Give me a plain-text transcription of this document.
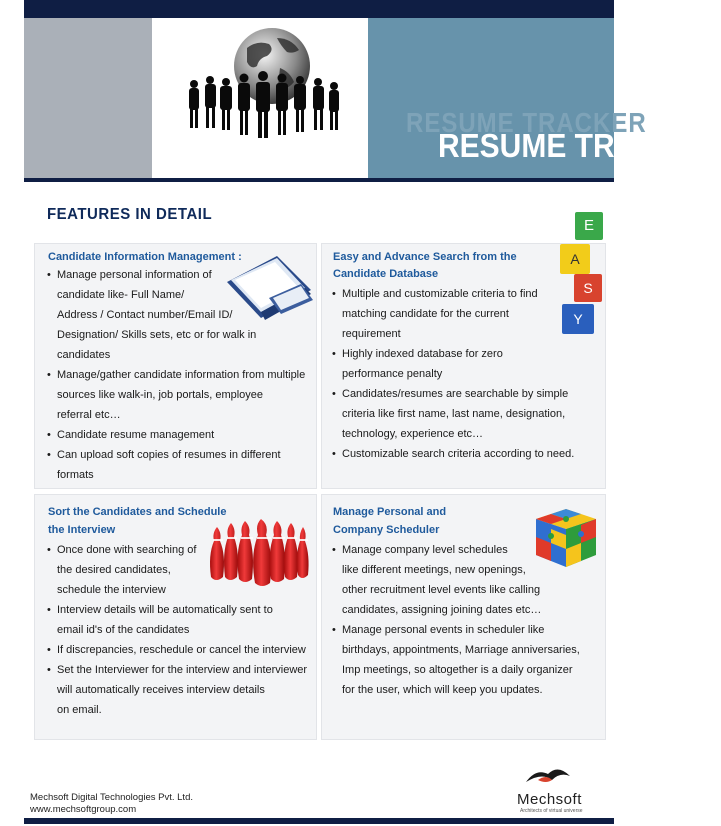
RESUME TRACKER
RESUME TRACKER
FEATURES IN DETAIL
Candidate Information Management :
• Manage personal information of
candidate like- Full Name/
Address / Contact number/Email ID/
Designation/ Skills sets, etc or for walk in
candidates
• Manage/gather candidate information from multiple
sources like walk-in, job portals, employee
referral etc…
• Candidate resume management
• Can upload soft copies of resumes in different
formats
Easy and Advance Search from the
Candidate Database
• Multiple and customizable criteria to find
matching candidate for the current
requirement
• Highly indexed database for zero
performance penalty
• Candidates/resumes are searchable by simple
criteria like first name, last name, designation,
technology, experience etc…
• Customizable search criteria according to need.
E
A
S
Y
Sort the Candidates and Schedule
the Interview
• Once done with searching of
the desired candidates,
schedule the interview
• Interview details will be automatically sent to
email id's of the candidates
• If discrepancies, reschedule or cancel the interview
• Set the Interviewer for the interview and interviewer
will automatically receives interview details
on email.
Manage Personal and
Company Scheduler
• Manage company level schedules
like different meetings, new openings,
other recruitment level events like calling
candidates, assigning joining dates etc…
• Manage personal events in scheduler like
birthdays, appointments, Marriage anniversaries,
Imp meetings, so altogether is a daily organizer
for the user, which will keep you updates.
Mechsoft Digital Technologies Pvt. Ltd.
www.mechsoftgroup.com
Mechsoft
Architects of virtual universe
